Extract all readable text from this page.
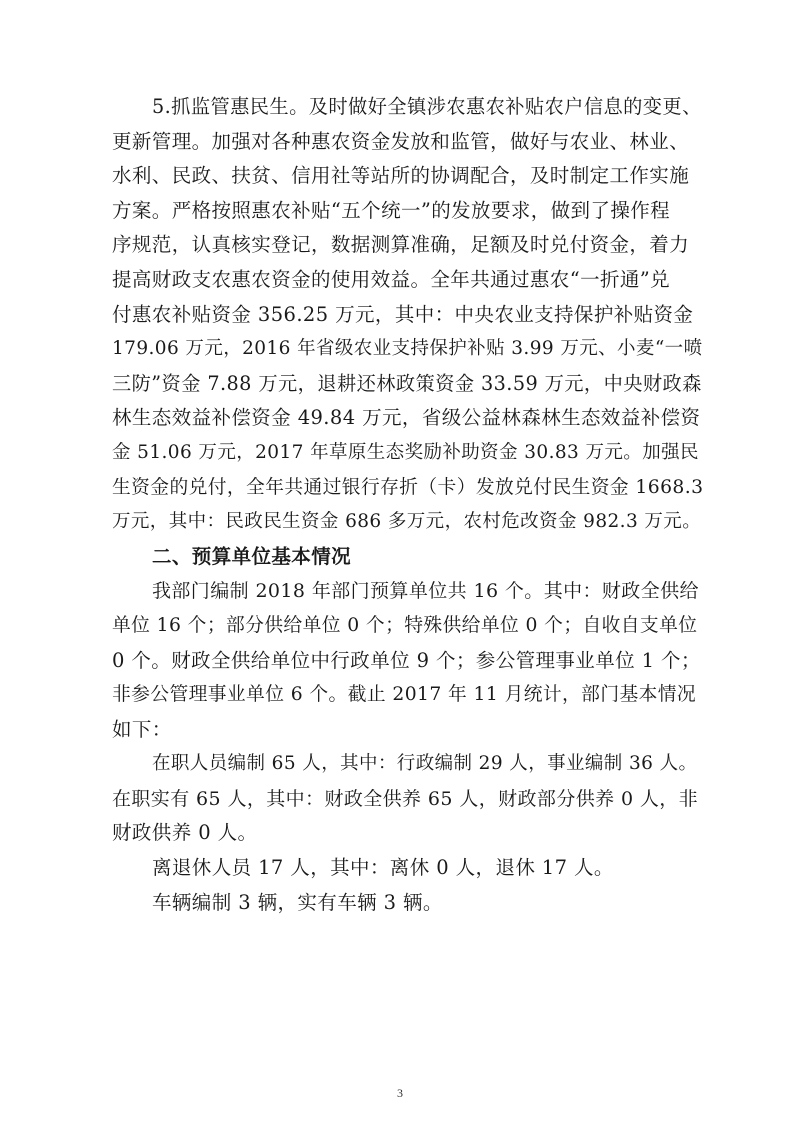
5.抓监管惠民生。及时做好全镇涉农惠农补贴农户信息的变更、
更新管理。加强对各种惠农资金发放和监管，做好与农业、林业、
水利、民政、扶贫、信用社等站所的协调配合，及时制定工作实施
方案。严格按照惠农补贴“五个统一”的发放要求，做到了操作程
序规范，认真核实登记，数据测算准确，足额及时兑付资金，着力
提高财政支农惠农资金的使用效益。全年共通过惠农“一折通”兑
付惠农补贴资金 356.25 万元，其中：中央农业支持保护补贴资金
179.06 万元，2016 年省级农业支持保护补贴 3.99 万元、小麦“一喷
三防”资金 7.88 万元，退耕还林政策资金 33.59 万元，中央财政森
林生态效益补偿资金 49.84 万元，省级公益林森林生态效益补偿资
金 51.06 万元，2017 年草原生态奖励补助资金 30.83 万元。加强民
生资金的兑付，全年共通过银行存折（卡）发放兑付民生资金 1668.3
万元，其中：民政民生资金 686 多万元，农村危改资金 982.3 万元。
二、预算单位基本情况
我部门编制 2018 年部门预算单位共 16 个。其中：财政全供给
单位 16 个；部分供给单位 0 个；特殊供给单位 0 个；自收自支单位
0 个。财政全供给单位中行政单位 9 个；参公管理事业单位 1 个；
非参公管理事业单位 6 个。截止 2017 年 11 月统计，部门基本情况
如下：
在职人员编制 65 人，其中：行政编制 29 人，事业编制 36 人。
在职实有 65 人，其中：财政全供养 65 人，财政部分供养 0 人，非
财政供养 0 人。
离退休人员 17 人，其中：离休 0 人，退休 17 人。
车辆编制 3 辆，实有车辆 3 辆。
3
